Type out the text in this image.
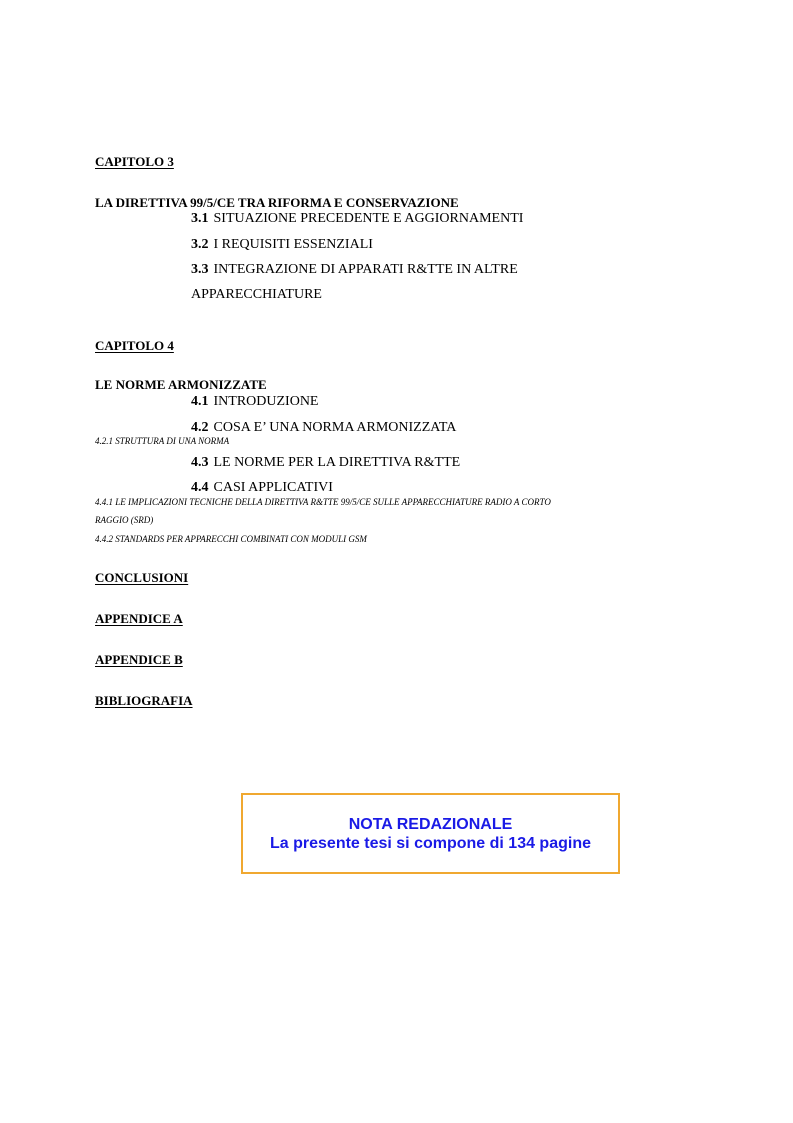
CAPITOLO 3
LA DIRETTIVA 99/5/CE TRA RIFORMA E CONSERVAZIONE
3.1 SITUAZIONE PRECEDENTE E AGGIORNAMENTI
3.2 I REQUISITI ESSENZIALI
3.3 INTEGRAZIONE DI APPARATI R&TTE IN ALTRE
APPARECCHIATURE
CAPITOLO 4
LE NORME ARMONIZZATE
4.1 INTRODUZIONE
4.2 COSA E’ UNA NORMA ARMONIZZATA
4.2.1 STRUTTURA DI UNA NORMA
4.3 LE NORME PER LA DIRETTIVA R&TTE
4.4 CASI APPLICATIVI
4.4.1 LE IMPLICAZIONI TECNICHE DELLA DIRETTIVA R&TTE 99/5/CE SULLE APPARECCHIATURE RADIO A CORTO
RAGGIO (SRD)
4.4.2 STANDARDS PER APPARECCHI COMBINATI CON MODULI GSM
CONCLUSIONI
APPENDICE A
APPENDICE B
BIBLIOGRAFIA
NOTA REDAZIONALE
La presente tesi si compone di 134 pagine
